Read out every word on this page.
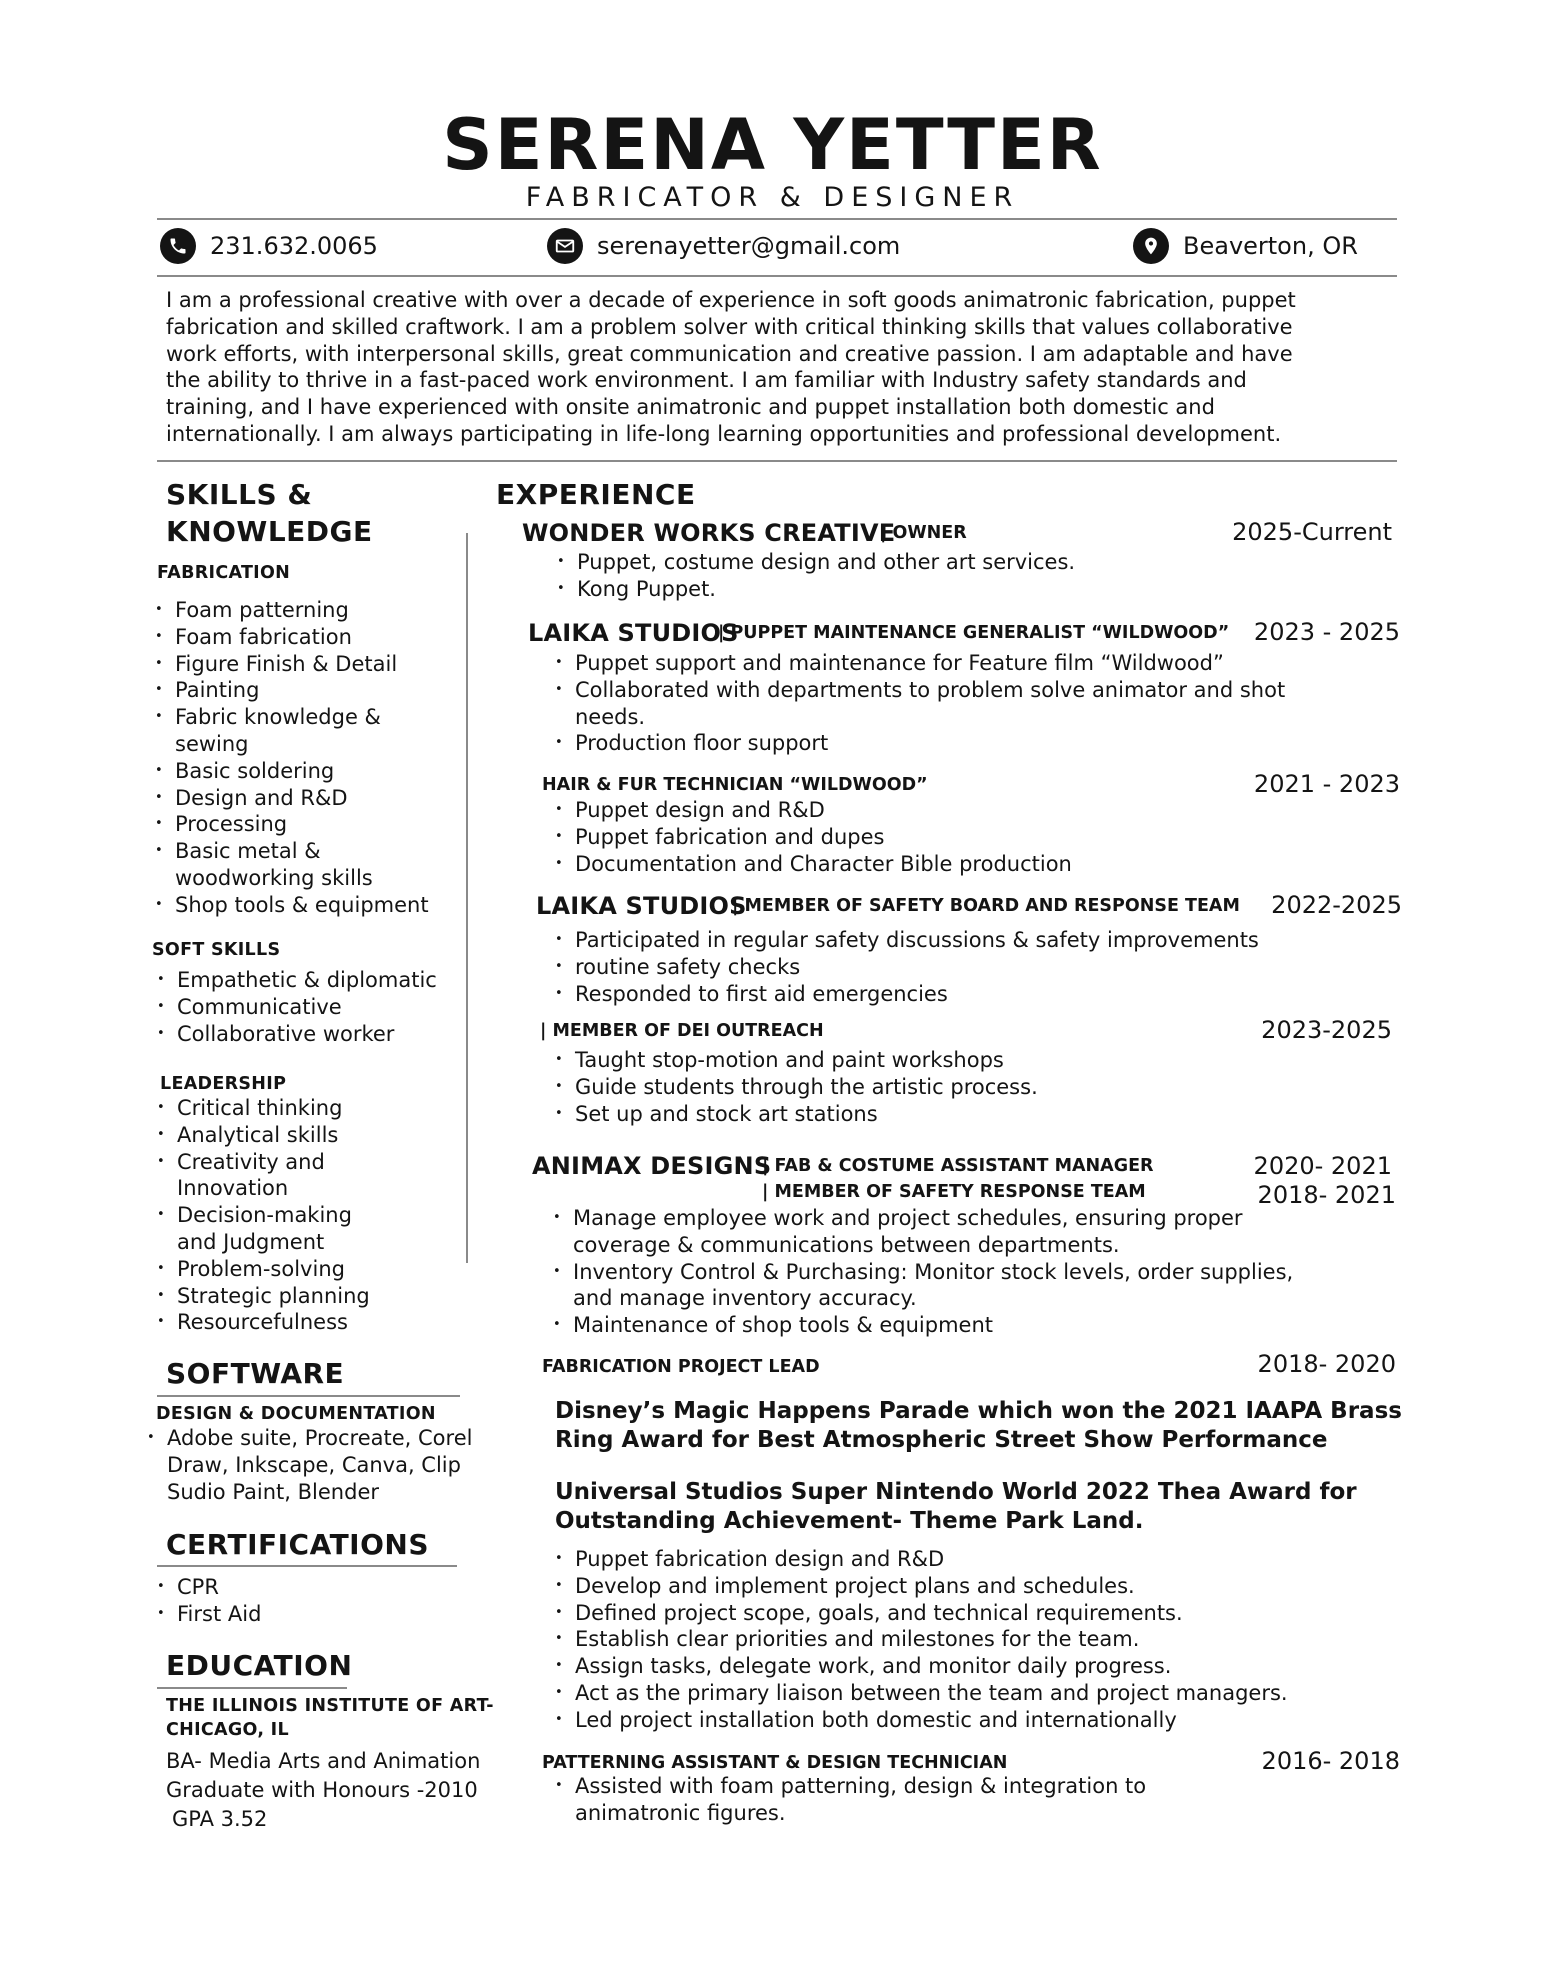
SERENA YETTER
FABRICATOR & DESIGNER
231.632.0065	serenayetter@gmail.com	Beaverton, OR
I am a professional creative with over a decade of experience in soft goods animatronic fabrication, puppet
fabrication and skilled craftwork. I am a problem solver with critical thinking skills that values collaborative
work efforts, with interpersonal skills, great communication and creative passion. I am adaptable and have
the ability to thrive in a fast-paced work environment. I am familiar with Industry safety standards and
training, and I have experienced with onsite animatronic and puppet installation both domestic and
internationally. I am always participating in life-long learning opportunities and professional development.
SKILLS &
KNOWLEDGE
FABRICATION
• Foam patterning
• Foam fabrication
• Figure Finish & Detail
• Painting
• Fabric knowledge &
sewing
• Basic soldering
• Design and R&D
• Processing
• Basic metal &
woodworking skills
• Shop tools & equipment
SOFT SKILLS
• Empathetic & diplomatic
• Communicative
• Collaborative worker
LEADERSHIP
• Critical thinking
• Analytical skills
• Creativity and
Innovation
• Decision-making
and Judgment
• Problem-solving
• Strategic planning
• Resourcefulness
SOFTWARE
DESIGN & DOCUMENTATION
• Adobe suite, Procreate, Corel
Draw, Inkscape, Canva, Clip
Sudio Paint, Blender
CERTIFICATIONS
• CPR
• First Aid
EDUCATION
THE ILLINOIS INSTITUTE OF ART-
CHICAGO, IL
BA- Media Arts and Animation
Graduate with Honours -2010
GPA 3.52
EXPERIENCE
WONDER WORKS CREATIVE
| OWNER	2025-Current
• Puppet, costume design and other art services.
• Kong Puppet.
LAIKA STUDIOS
| PUPPET MAINTENANCE GENERALIST “WILDWOOD”	2023 - 2025
• Puppet support and maintenance for Feature film “Wildwood”
• Collaborated with departments to problem solve animator and shot
needs.
• Production floor support
HAIR & FUR TECHNICIAN “WILDWOOD”	2021 - 2023
• Puppet design and R&D
• Puppet fabrication and dupes
• Documentation and Character Bible production
LAIKA STUDIOS
| MEMBER OF SAFETY BOARD AND RESPONSE TEAM	2022-2025
• Participated in regular safety discussions & safety improvements
• routine safety checks
• Responded to first aid emergencies
| MEMBER OF DEI OUTREACH	2023-2025
• Taught stop-motion and paint workshops
• Guide students through the artistic process.
• Set up and stock art stations
ANIMAX DESIGNS
| FAB & COSTUME ASSISTANT MANAGER	2020- 2021
| MEMBER OF SAFETY RESPONSE TEAM	2018- 2021
• Manage employee work and project schedules, ensuring proper
coverage & communications between departments.
• Inventory Control & Purchasing: Monitor stock levels, order supplies,
and manage inventory accuracy.
• Maintenance of shop tools & equipment
FABRICATION PROJECT LEAD	2018- 2020
Disney’s Magic Happens Parade which won the 2021 IAAPA Brass
Ring Award for Best Atmospheric Street Show Performance
Universal Studios Super Nintendo World 2022 Thea Award for
Outstanding Achievement- Theme Park Land.
• Puppet fabrication design and R&D
• Develop and implement project plans and schedules.
• Defined project scope, goals, and technical requirements.
• Establish clear priorities and milestones for the team.
• Assign tasks, delegate work, and monitor daily progress.
• Act as the primary liaison between the team and project managers.
• Led project installation both domestic and internationally
PATTERNING ASSISTANT & DESIGN TECHNICIAN	2016- 2018
• Assisted with foam patterning, design & integration to
animatronic figures.
